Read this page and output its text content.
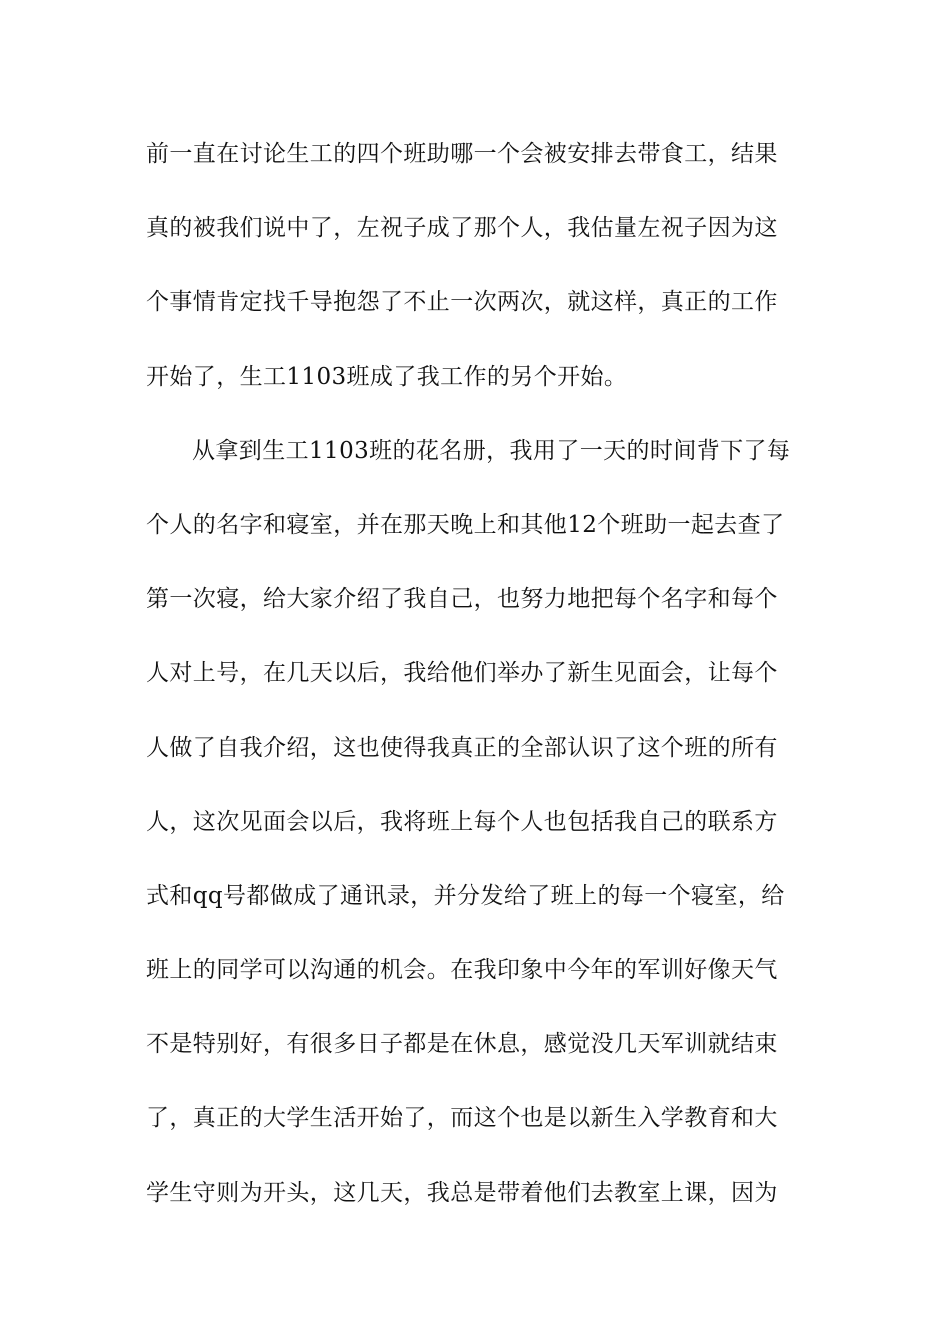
前一直在讨论生工的四个班助哪一个会被安排去带食工，结果
真的被我们说中了，左祝子成了那个人，我估量左祝子因为这
个事情肯定找千导抱怨了不止一次两次，就这样，真正的工作
开始了，生工1103班成了我工作的另个开始。
从拿到生工1103班的花名册，我用了一天的时间背下了每
个人的名字和寝室，并在那天晚上和其他12个班助一起去查了
第一次寝，给大家介绍了我自己，也努力地把每个名字和每个
人对上号，在几天以后，我给他们举办了新生见面会，让每个
人做了自我介绍，这也使得我真正的全部认识了这个班的所有
人，这次见面会以后，我将班上每个人也包括我自己的联系方
式和qq号都做成了通讯录，并分发给了班上的每一个寝室，给
班上的同学可以沟通的机会。在我印象中今年的军训好像天气
不是特别好，有很多日子都是在休息，感觉没几天军训就结束
了，真正的大学生活开始了，而这个也是以新生入学教育和大
学生守则为开头，这几天，我总是带着他们去教室上课，因为
